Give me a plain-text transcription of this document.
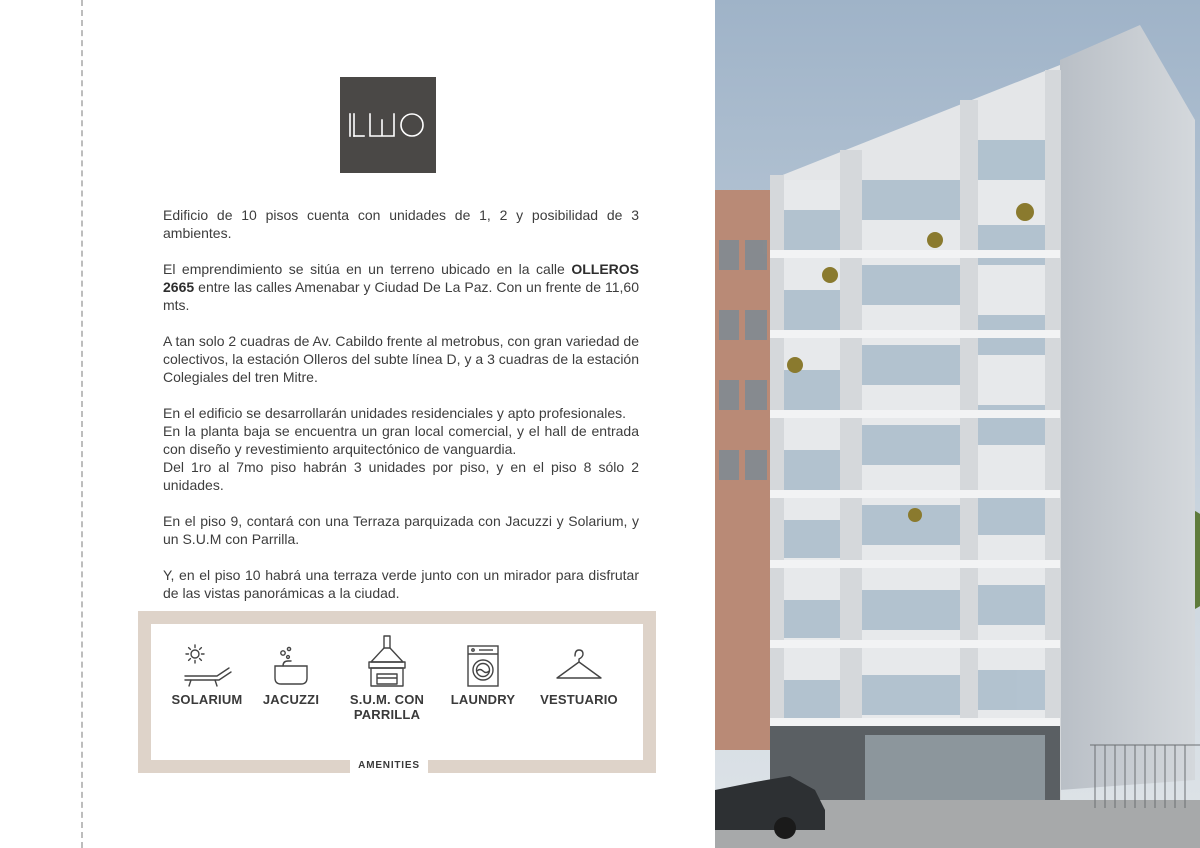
Edificio de 10 pisos cuenta con unidades de 1, 2 y posibilidad de 3 ambientes.

El emprendimiento se sitúa en un terreno ubicado en la calle OLLEROS 2665 entre las calles Amenabar y Ciudad De La Paz. Con un frente de 11,60 mts.

A tan solo 2 cuadras de Av. Cabildo frente al metrobus, con gran variedad de colectivos, la estación Olleros del subte línea D, y a 3 cuadras de la estación Colegiales del tren Mitre.

En el edificio se desarrollarán unidades residenciales y apto profesionales.
En la planta baja se encuentra un gran local comercial, y el hall de entrada con diseño y revestimiento arquitectónico de vanguardia.
Del 1ro al 7mo piso habrán 3 unidades por piso, y en el piso 8 sólo 2 unidades.

En el piso 9, contará con una Terraza parquizada con Jacuzzi y Solarium, y un S.U.M con Parrilla.

Y, en el piso 10 habrá una terraza verde junto con un mirador para disfrutar de las vistas panorámicas a la ciudad.

SOLARIUM	JACUZZI	S.U.M. CON
PARRILLA
LAUNDRY	VESTUARIO
AMENITIES
